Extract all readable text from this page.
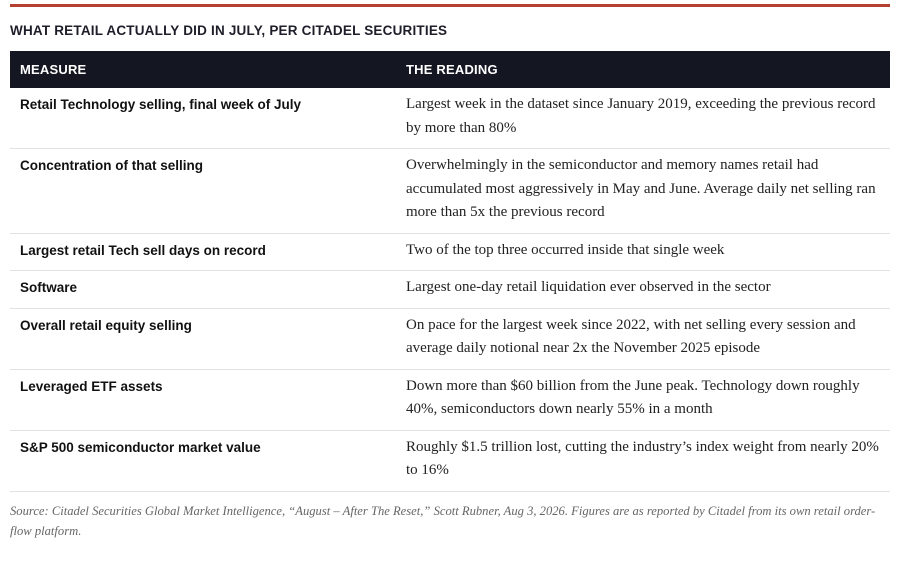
WHAT RETAIL ACTUALLY DID IN JULY, PER CITADEL SECURITIES
MEASURE	THE READING
Retail Technology selling, final week of July	Largest week in the dataset since January 2019, exceeding the previous record by more than 80%
Concentration of that selling	Overwhelmingly in the semiconductor and memory names retail had accumulated most aggressively in May and June. Average daily net selling ran more than 5x the previous record
Largest retail Tech sell days on record	Two of the top three occurred inside that single week
Software	Largest one-day retail liquidation ever observed in the sector
Overall retail equity selling	On pace for the largest week since 2022, with net selling every session and average daily notional near 2x the November 2025 episode
Leveraged ETF assets	Down more than $60 billion from the June peak. Technology down roughly 40%, semiconductors down nearly 55% in a month
S&P 500 semiconductor market value	Roughly $1.5 trillion lost, cutting the industry’s index weight from nearly 20% to 16%
Source: Citadel Securities Global Market Intelligence, “August – After The Reset,” Scott Rubner, Aug 3, 2026. Figures are as reported by Citadel from its own retail order-flow platform.
